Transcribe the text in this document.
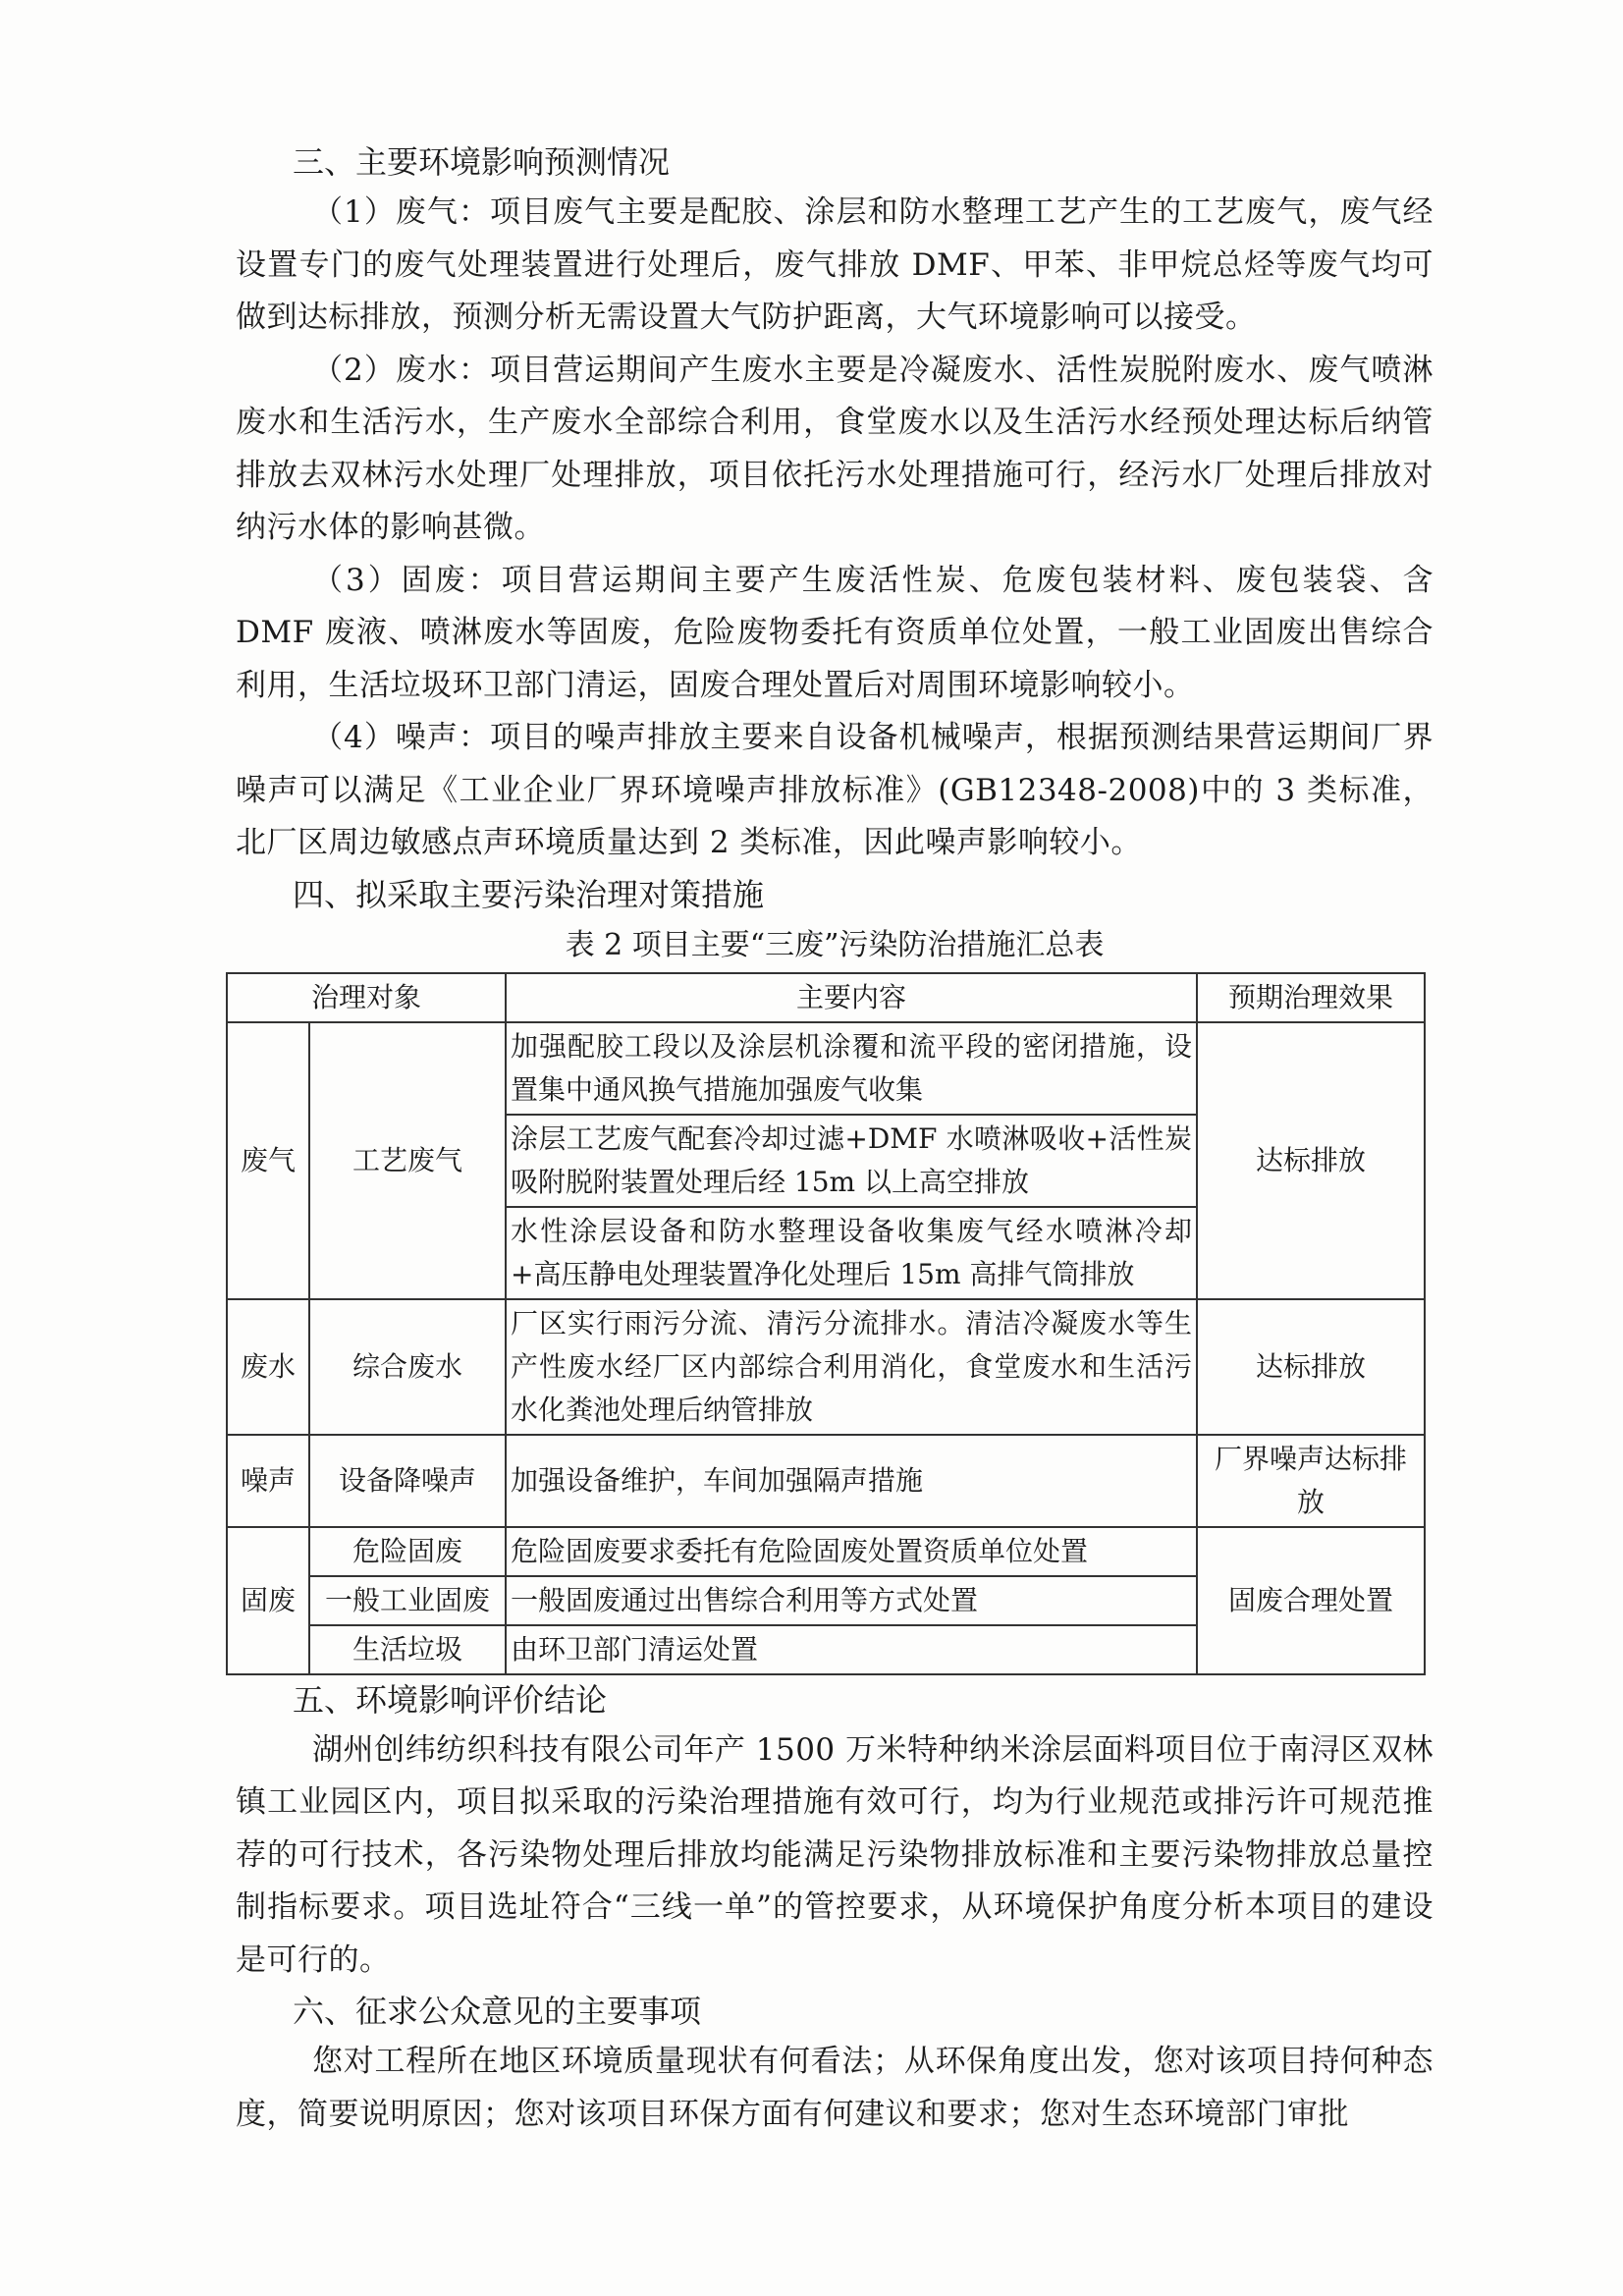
三、主要环境影响预测情况

（1）废气：项目废气主要是配胶、涂层和防水整理工艺产生的工艺废气，废气经设置专门的废气处理装置进行处理后，废气排放 DMF、甲苯、非甲烷总烃等废气均可做到达标排放，预测分析无需设置大气防护距离，大气环境影响可以接受。

（2）废水：项目营运期间产生废水主要是冷凝废水、活性炭脱附废水、废气喷淋废水和生活污水，生产废水全部综合利用，食堂废水以及生活污水经预处理达标后纳管排放去双林污水处理厂处理排放，项目依托污水处理措施可行，经污水厂处理后排放对纳污水体的影响甚微。

（3）固废：项目营运期间主要产生废活性炭、危废包装材料、废包装袋、含 DMF 废液、喷淋废水等固废，危险废物委托有资质单位处置，一般工业固废出售综合利用，生活垃圾环卫部门清运，固废合理处置后对周围环境影响较小。

（4）噪声：项目的噪声排放主要来自设备机械噪声，根据预测结果营运期间厂界噪声可以满足《工业企业厂界环境噪声排放标准》(GB12348-2008)中的 3 类标准，北厂区周边敏感点声环境质量达到 2 类标准，因此噪声影响较小。

四、拟采取主要污染治理对策措施

表 2 项目主要“三废”污染防治措施汇总表

治理对象		主要内容	预期治理效果
废气	工艺废气	加强配胶工段以及涂层机涂覆和流平段的密闭措施，设置集中通风换气措施加强废气收集	达标排放
		涂层工艺废气配套冷却过滤+DMF 水喷淋吸收+活性炭吸附脱附装置处理后经 15m 以上高空排放	
		水性涂层设备和防水整理设备收集废气经水喷淋冷却+高压静电处理装置净化处理后 15m 高排气筒排放	
废水	综合废水	厂区实行雨污分流、清污分流排水。清洁冷凝废水等生产性废水经厂区内部综合利用消化，食堂废水和生活污水化粪池处理后纳管排放	达标排放
噪声	设备降噪声	加强设备维护，车间加强隔声措施	厂界噪声达标排放
固废	危险固废	危险固废要求委托有危险固废处置资质单位处置	固废合理处置
	一般工业固废	一般固废通过出售综合利用等方式处置	
	生活垃圾	由环卫部门清运处置	

五、环境影响评价结论

湖州创纬纺织科技有限公司年产 1500 万米特种纳米涂层面料项目位于南浔区双林镇工业园区内，项目拟采取的污染治理措施有效可行，均为行业规范或排污许可规范推荐的可行技术，各污染物处理后排放均能满足污染物排放标准和主要污染物排放总量控制指标要求。项目选址符合“三线一单”的管控要求，从环境保护角度分析本项目的建设是可行的。

六、征求公众意见的主要事项

您对工程所在地区环境质量现状有何看法；从环保角度出发，您对该项目持何种态度，简要说明原因；您对该项目环保方面有何建议和要求；您对生态环境部门审批
